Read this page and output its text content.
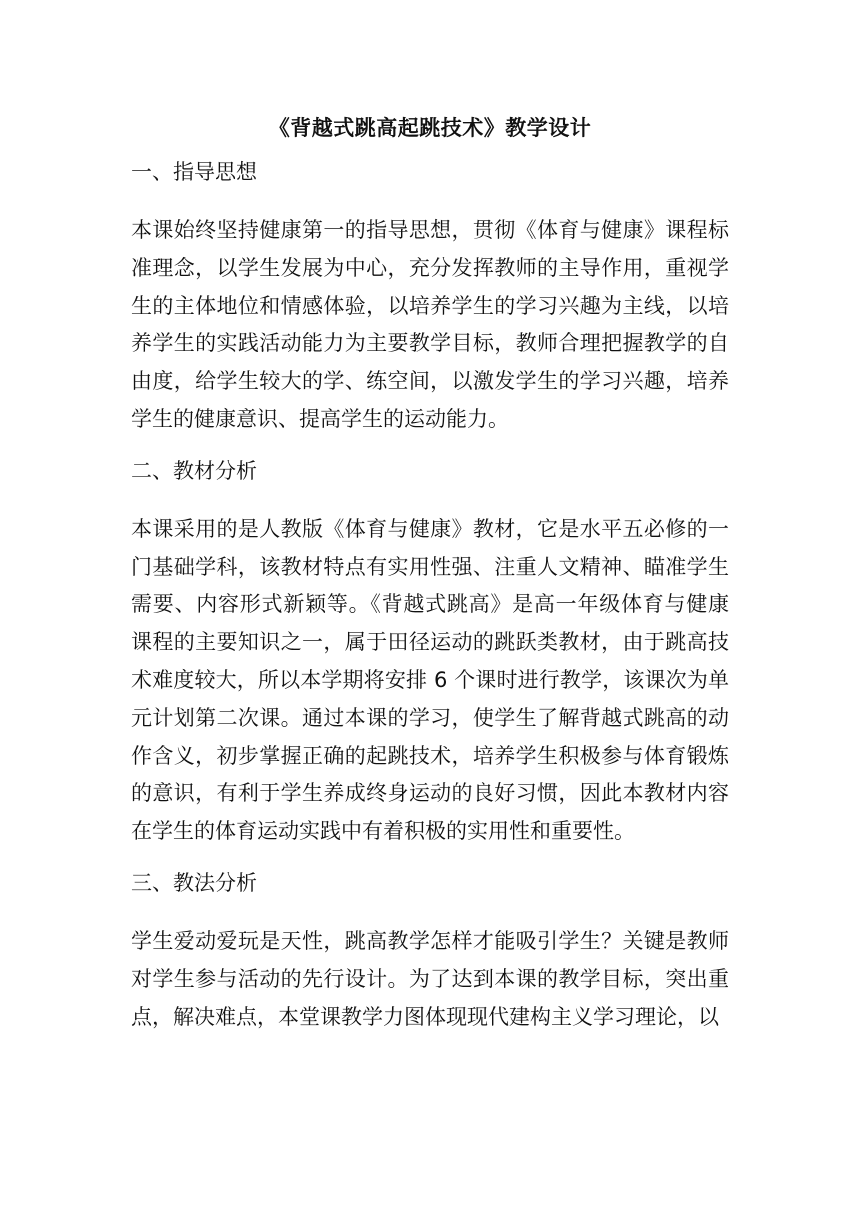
《背越式跳高起跳技术》教学设计
一、指导思想
本课始终坚持健康第一的指导思想，贯彻《体育与健康》课程标准理念，以学生发展为中心，充分发挥教师的主导作用，重视学生的主体地位和情感体验，以培养学生的学习兴趣为主线，以培养学生的实践活动能力为主要教学目标，教师合理把握教学的自由度，给学生较大的学、练空间，以激发学生的学习兴趣，培养学生的健康意识、提高学生的运动能力。
二、教材分析
本课采用的是人教版《体育与健康》教材，它是水平五必修的一门基础学科，该教材特点有实用性强、注重人文精神、瞄准学生需要、内容形式新颖等。《背越式跳高》是高一年级体育与健康课程的主要知识之一，属于田径运动的跳跃类教材，由于跳高技术难度较大，所以本学期将安排 6 个课时进行教学，该课次为单元计划第二次课。通过本课的学习，使学生了解背越式跳高的动作含义，初步掌握正确的起跳技术，培养学生积极参与体育锻炼的意识，有利于学生养成终身运动的良好习惯，因此本教材内容在学生的体育运动实践中有着积极的实用性和重要性。
三、教法分析
学生爱动爱玩是天性，跳高教学怎样才能吸引学生？关键是教师对学生参与活动的先行设计。为了达到本课的教学目标，突出重点，解决难点，本堂课教学力图体现现代建构主义学习理论，以
